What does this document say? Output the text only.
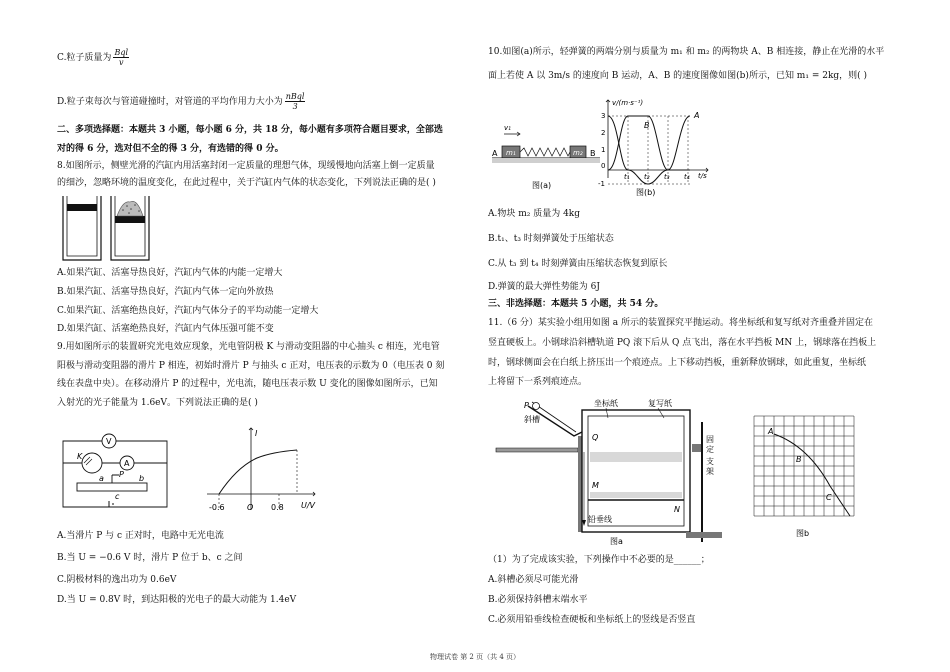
C.粒子质量为 $\frac{\text{Bql}}{v}$
D.粒子束每次与管道碰撞时，对管道的平均作用力大小为 $\frac{\text{nBql}}{3}$
二、多项选择题：本题共 3 小题，每小题 6 分，共 18 分，每小题有多项符合题目要求，全部选
对的得 6 分，选对但不全的得 3 分，有选错的得 0 分。
8.如图所示，侧壁光滑的汽缸内用活塞封闭一定质量的理想气体，现缓慢地向活塞上倒一定质量
的细沙，忽略环境的温度变化，在此过程中，关于汽缸内气体的状态变化，下列说法正确的是( )
A.如果汽缸、活塞导热良好，汽缸内气体的内能一定增大
B.如果汽缸、活塞导热良好，汽缸内气体一定向外放热
C.如果汽缸、活塞绝热良好，汽缸内气体分子的平均动能一定增大
D.如果汽缸、活塞绝热良好，汽缸内气体压强可能不变
9.用如图所示的装置研究光电效应现象，光电管阴极 K 与滑动变阻器的中心抽头 c 相连，光电管
阳极与滑动变阻器的滑片 P 相连，初始时滑片 P 与抽头 c 正对，电压表的示数为 0（电压表 0 刻
线在表盘中央）。在移动滑片 P 的过程中，光电流，随电压表示数 U 变化的图像如图所示，已知
入射光的光子能量为 1.6eV。下列说法正确的是( )
V
K
A
a	b
c
P
I
U/V
-0.6	O 0.8
A.当滑片 P 与 c 正对时，电路中无光电流
B.当 U = −0.6 V 时，滑片 P 位于 b、c 之间
C.阴极材料的逸出功为 0.6eV
D.当 U = 0.8V 时，到达阳极的光电子的最大动能为 1.4eV
10.如图(a)所示，轻弹簧的两端分别与质量为 m₁ 和 m₂ 的两物块 A、B 相连接，静止在光滑的水平
面上若使 A 以 3m/s 的速度向 B 运动，A、B 的速度图像如图(b)所示，已知 m₁ = 2kg，则( )
v₁
m₁
A	m₂ B
图(a)
v/(m·s⁻¹)
t/s
3
2
1
0
-1
A
B
t₁ t₂ t₃ t₄
图(b)
A.物块 m₂ 质量为 4kg
B.t₁、t₃ 时刻弹簧处于压缩状态
C.从 t₃ 到 t₄ 时刻弹簧由压缩状态恢复到原长
D.弹簧的最大弹性势能为 6J
三、非选择题：本题共 5 小题，共 54 分。
11.（6 分）某实验小组用如图 a 所示的装置探究平抛运动。将坐标纸和复写纸对齐重叠并固定在
竖直硬板上。小钢球沿斜槽轨道 PQ 滚下后从 Q 点飞出，落在水平挡板 MN 上，钢球落在挡板上
时，钢球侧面会在白纸上挤压出一个痕迹点。上下移动挡板，重新释放钢球，如此重复，坐标纸
上将留下一系列痕迹点。
P
斜槽
坐标纸	复写纸
Q
M
N
固
定
支
架
铅垂线
图a
A
B
C
图b
（1）为了完成该实验，下列操作中不必要的是______；
A.斜槽必须尽可能光滑
B.必须保持斜槽末端水平
C.必须用铅垂线检查硬板和坐标纸上的竖线是否竖直
物理试卷 第 2 页（共 4 页）
